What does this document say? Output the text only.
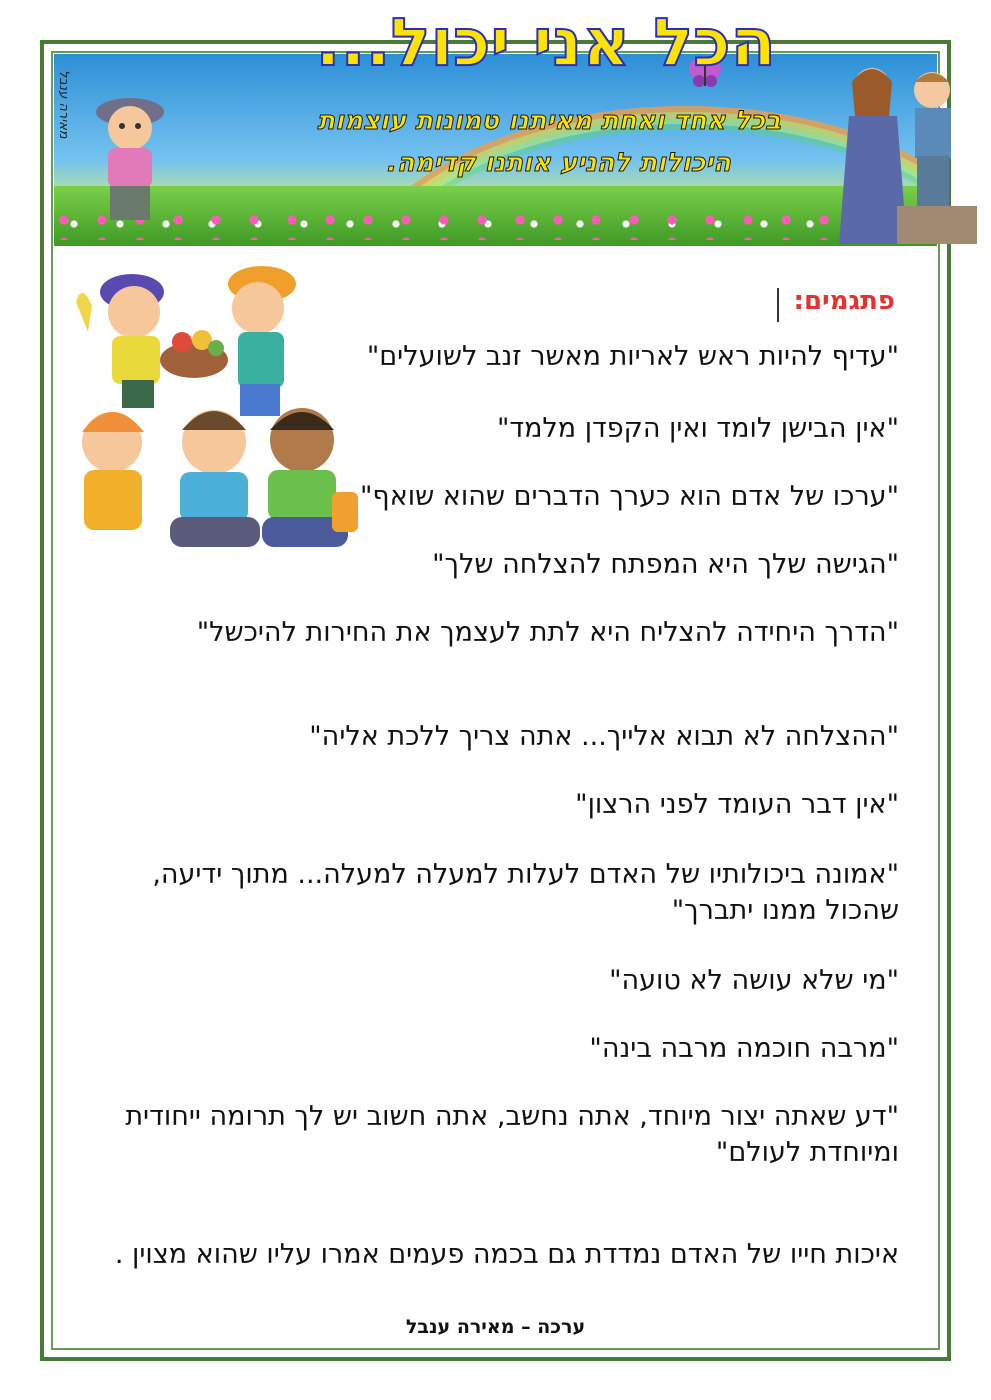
הכל אני יכול...
בכל אחד ואחת מאיתנו טמונות עוצמות
היכולות להניע אותנו קדימה.
מאירה ענבל
פתגמים:
"עדיף להיות ראש לאריות מאשר זנב לשועלים"
"אין הבישן לומד ואין הקפדן מלמד"
"ערכו של אדם הוא כערך הדברים שהוא שואף"
"הגישה שלך היא המפתח להצלחה שלך"
"הדרך היחידה להצליח היא לתת לעצמך את החירות להיכשל"
"ההצלחה לא תבוא אלייך... אתה צריך ללכת אליה"
"אין דבר העומד לפני הרצון"
"אמונה ביכולותיו של האדם לעלות למעלה למעלה... מתוך ידיעה,
שהכול ממנו יתברך"
"מי שלא עושה לא טועה"
"מרבה חוכמה מרבה בינה"
"דע שאתה יצור מיוחד, אתה נחשב, אתה חשוב יש לך תרומה ייחודית
ומיוחדת לעולם"
איכות חייו של האדם נמדדת גם בכמה פעמים אמרו עליו שהוא מצוין .
ערכה – מאירה ענבל
